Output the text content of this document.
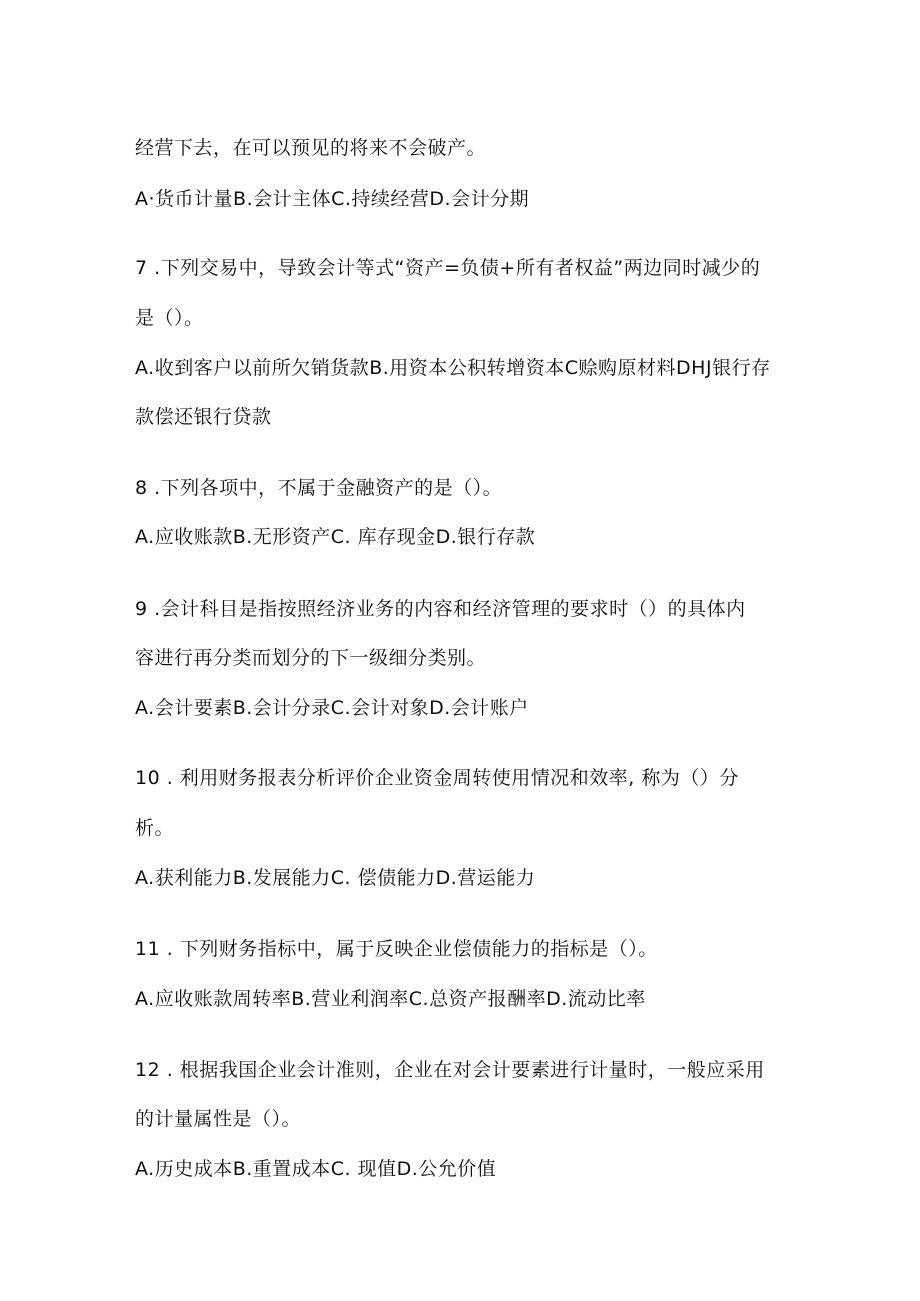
经营下去，在可以预见的将来不会破产。
A·货币计量B.会计主体C.持续经营D.会计分期
7 .下列交易中，导致会计等式“资产=负债+所有者权益”两边同时减少的
是（）。
A.收到客户以前所欠销货款B.用资本公积转增资本C赊购原材料DHJ银行存
款偿还银行贷款
8 .下列各项中，不属于金融资产的是（）。
A.应收账款B.无形资产C. 库存现金D.银行存款
9 .会计科目是指按照经济业务的内容和经济管理的要求时（）的具体内
容进行再分类而划分的下一级细分类别。
A.会计要素B.会计分录C.会计对象D.会计账户
10 . 利用财务报表分析评价企业资金周转使用情况和效率, 称为（）分
析。
A.获利能力B.发展能力C. 偿债能力D.营运能力
11 . 下列财务指标中，属于反映企业偿债能力的指标是（）。
A.应收账款周转率B.营业利润率C.总资产报酬率D.流动比率
12 . 根据我国企业会计准则，企业在对会计要素进行计量时，一般应采用
的计量属性是（）。
A.历史成本B.重置成本C. 现值D.公允价值
